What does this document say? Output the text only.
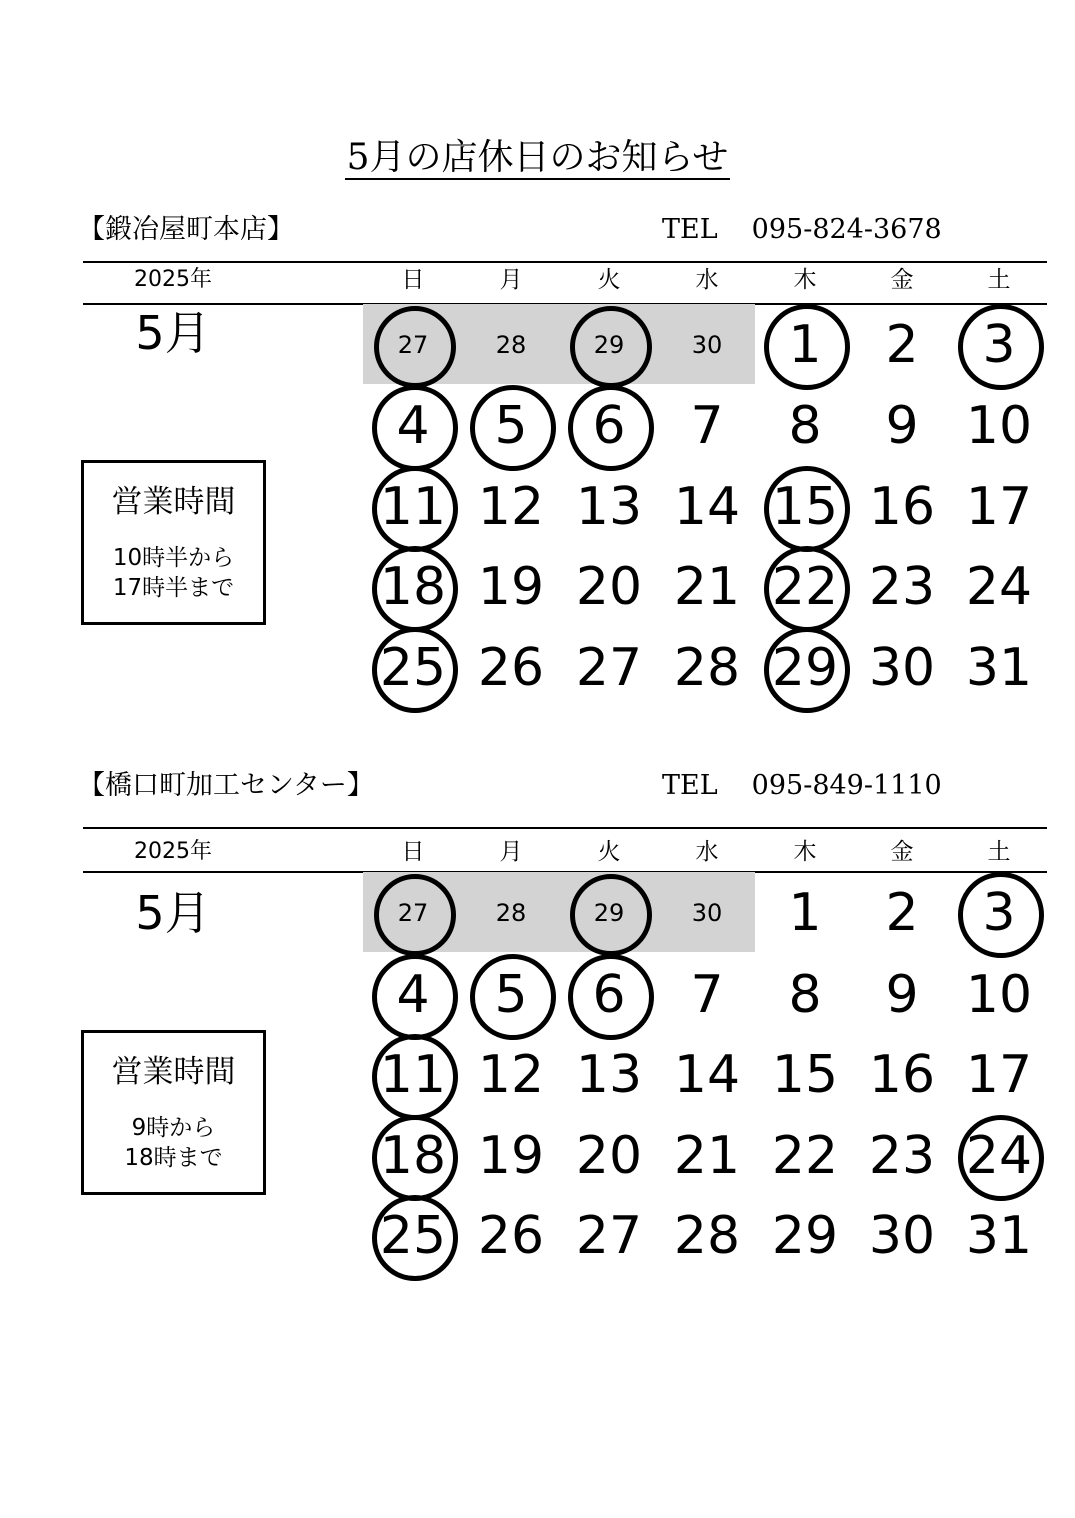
5月の店休日のお知らせ
【鍛冶屋町本店】	TEL 095-824-3678
2025年	日	月	火	水	木	金	土
5月
営業時間
10時半から
17時半まで
27	28	29	30 1 2 3
4 5 6 7 8 9 10
11 12 13 14 15 16 17
18 19 20 21 22 23 24
25 26 27 28 29 30 31
【橋口町加工センター】	TEL 095-849-1110
2025年	日	月	火	水	木	金	土
5月
営業時間
9時から
18時まで
27	28	29	30 1 2 3
4 5 6 7 8 9 10
11 12 13 14 15 16 17
18 19 20 21 22 23 24
25 26 27 28 29 30 31
